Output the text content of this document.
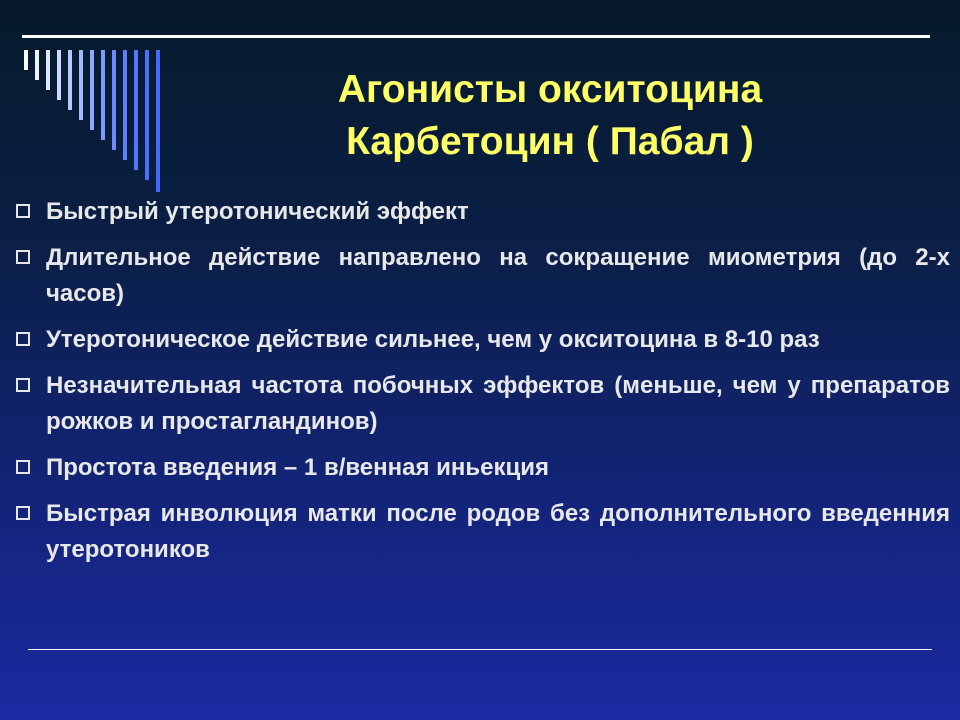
Агонисты окситоцина
Карбетоцин ( Пабал )
Быстрый утеротонический эффект
Длительное действие направлено на сокращение миометрия (до 2-х часов)
Утеротоническое действие сильнее, чем у окситоцина в 8-10 раз
Незначительная частота побочных эффектов (меньше, чем у препаратов рожков и простагландинов)
Простота введения – 1 в/венная иньекция
Быстрая инволюция матки после родов без дополнительного введенния утеротоников
